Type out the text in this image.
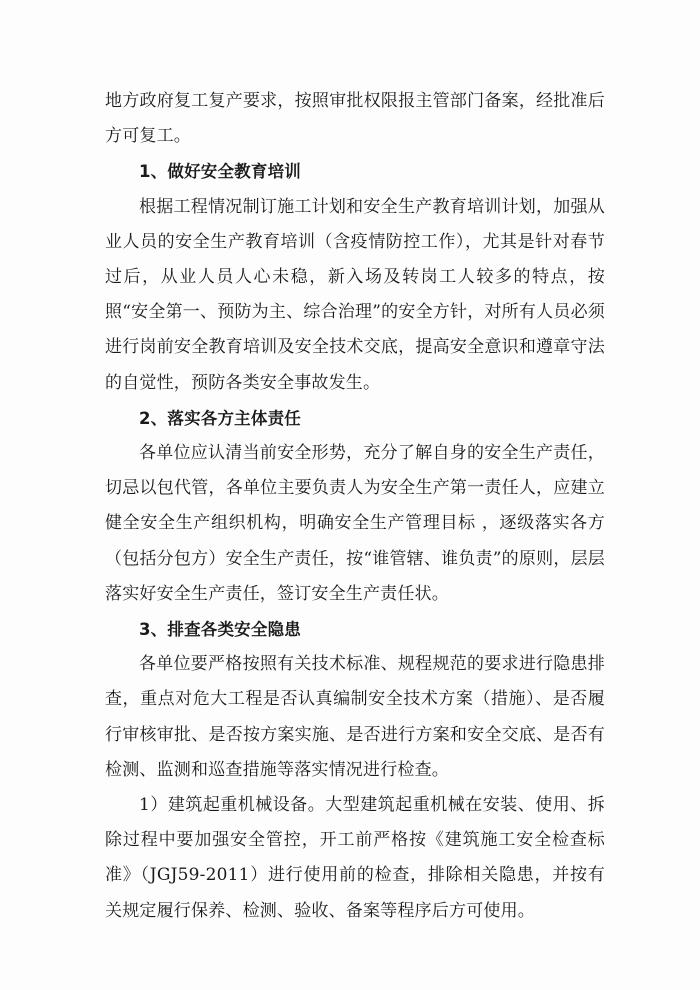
地方政府复工复产要求，按照审批权限报主管部门备案，经批准后方可复工。

1、做好安全教育培训

根据工程情况制订施工计划和安全生产教育培训计划，加强从业人员的安全生产教育培训（含疫情防控工作），尤其是针对春节过后，从业人员人心未稳，新入场及转岗工人较多的特点，按照“安全第一、预防为主、综合治理”的安全方针，对所有人员必须进行岗前安全教育培训及安全技术交底，提高安全意识和遵章守法的自觉性，预防各类安全事故发生。

2、落实各方主体责任

各单位应认清当前安全形势，充分了解自身的安全生产责任，切忌以包代管，各单位主要负责人为安全生产第一责任人，应建立健全安全生产组织机构，明确安全生产管理目标 ，逐级落实各方（包括分包方）安全生产责任，按“谁管辖、谁负责”的原则，层层落实好安全生产责任，签订安全生产责任状。

3、排查各类安全隐患

各单位要严格按照有关技术标准、规程规范的要求进行隐患排查，重点对危大工程是否认真编制安全技术方案（措施）、是否履行审核审批、是否按方案实施、是否进行方案和安全交底、是否有检测、监测和巡查措施等落实情况进行检查。

1）建筑起重机械设备。大型建筑起重机械在安装、使用、拆除过程中要加强安全管控，开工前严格按《建筑施工安全检查标准》（JGJ59-2011）进行使用前的检查，排除相关隐患，并按有关规定履行保养、检测、验收、备案等程序后方可使用。
